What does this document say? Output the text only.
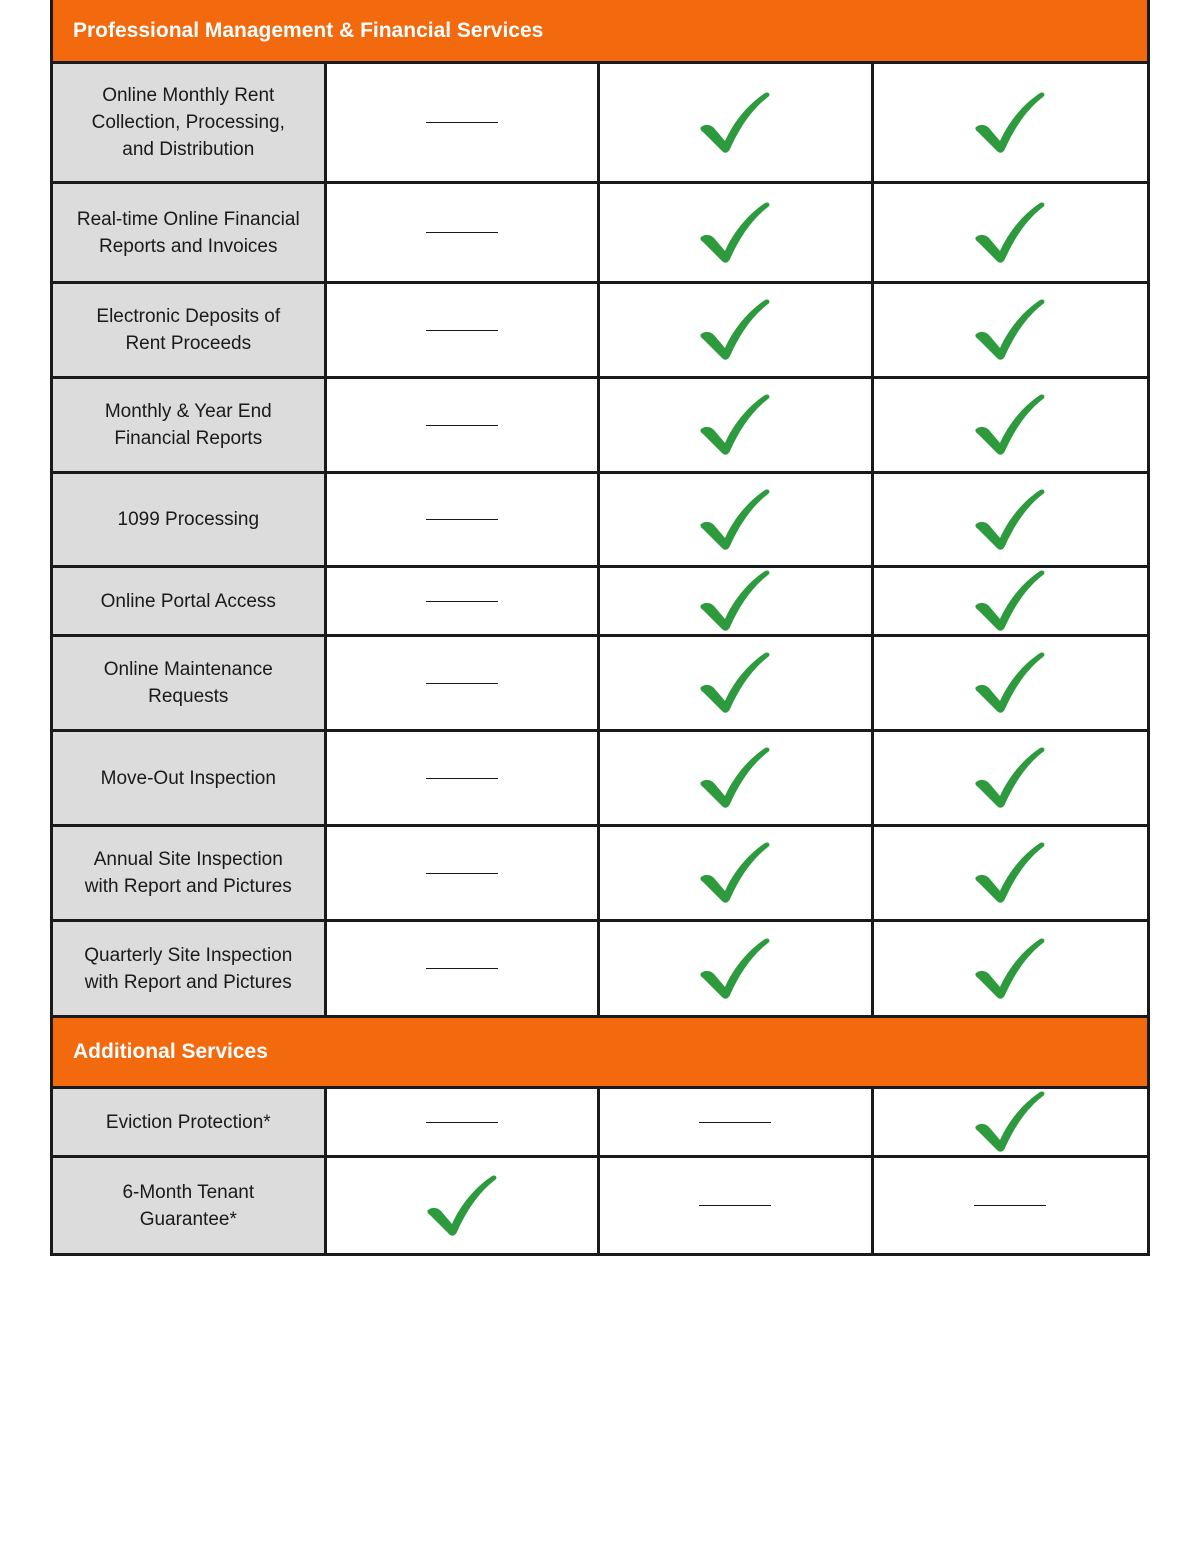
Professional Management & Financial Services
Online Monthly Rent
Collection, Processing,
and Distribution
Real-time Online Financial
Reports and Invoices
Electronic Deposits of
Rent Proceeds
Monthly & Year End
Financial Reports
1099 Processing
Online Portal Access
Online Maintenance
Requests
Move-Out Inspection
Annual Site Inspection
with Report and Pictures
Quarterly Site Inspection
with Report and Pictures
Additional Services
Eviction Protection*
6-Month Tenant
Guarantee*
